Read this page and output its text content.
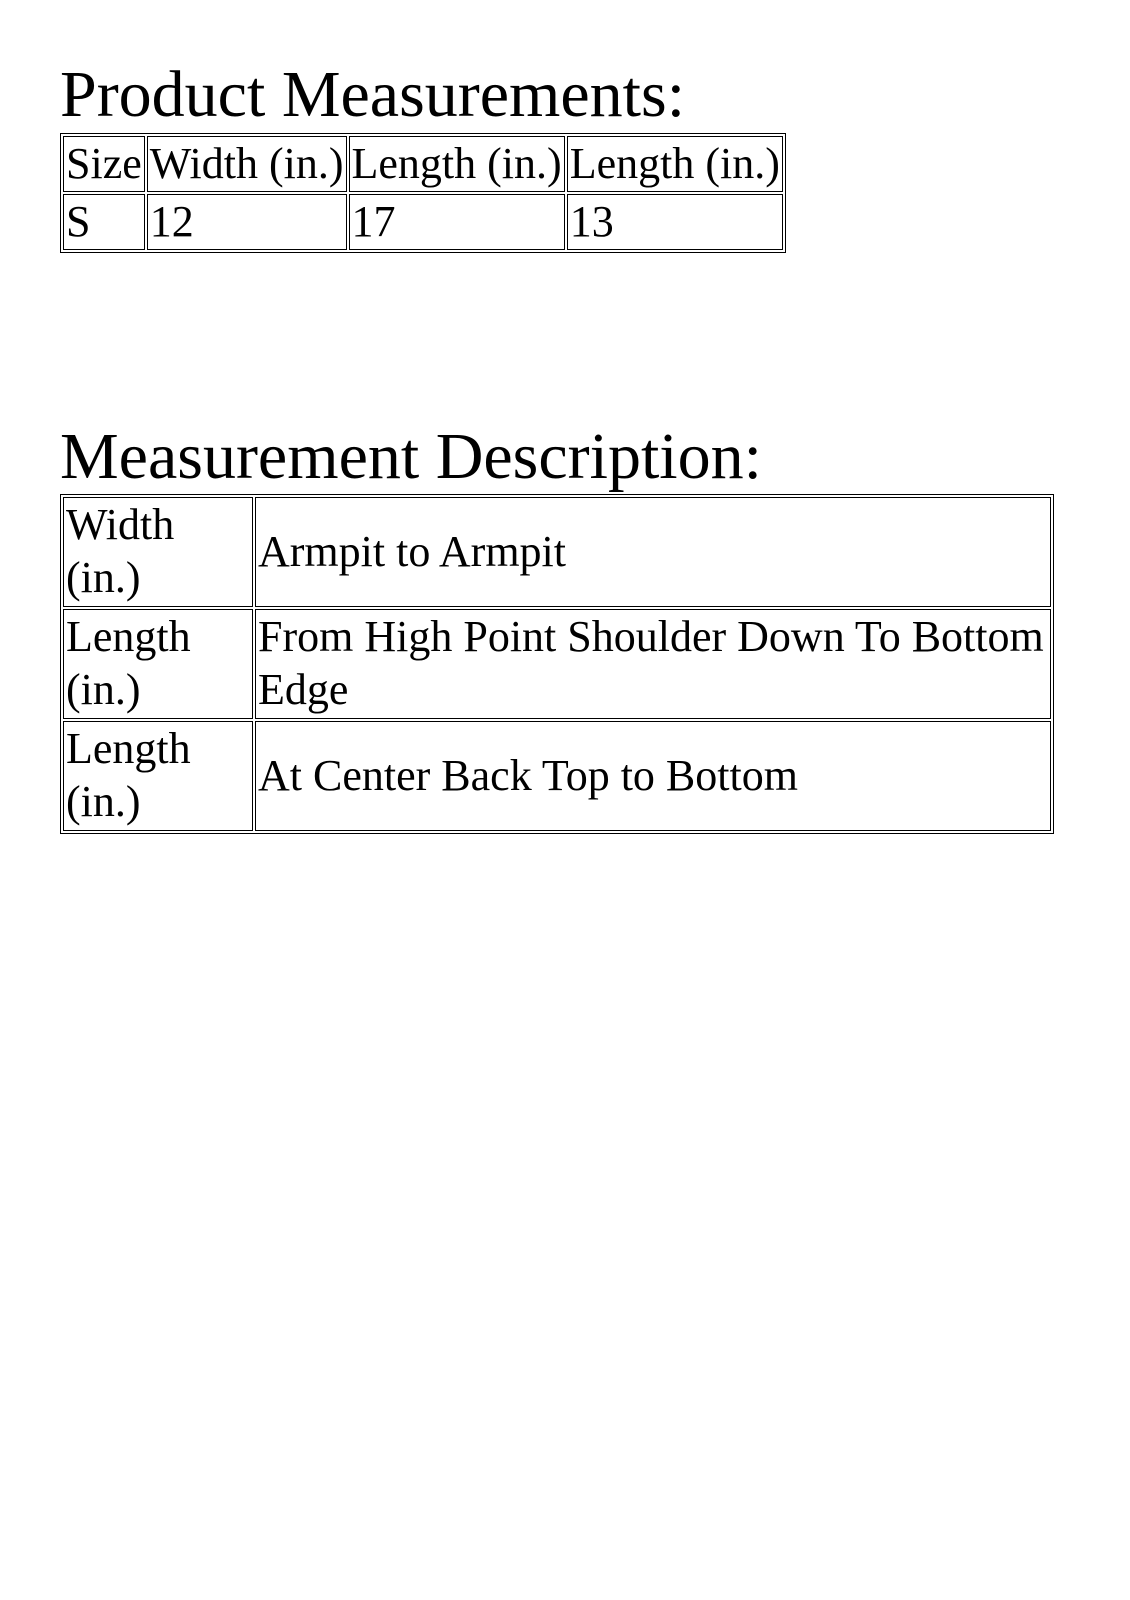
Product Measurements:
Size	Width (in.)	Length (in.)	Length (in.)
S	12	17	13
Measurement Description:
Width (in.)	Armpit to Armpit
Length (in.)	From High Point Shoulder Down To Bottom Edge
Length (in.)	At Center Back Top to Bottom
